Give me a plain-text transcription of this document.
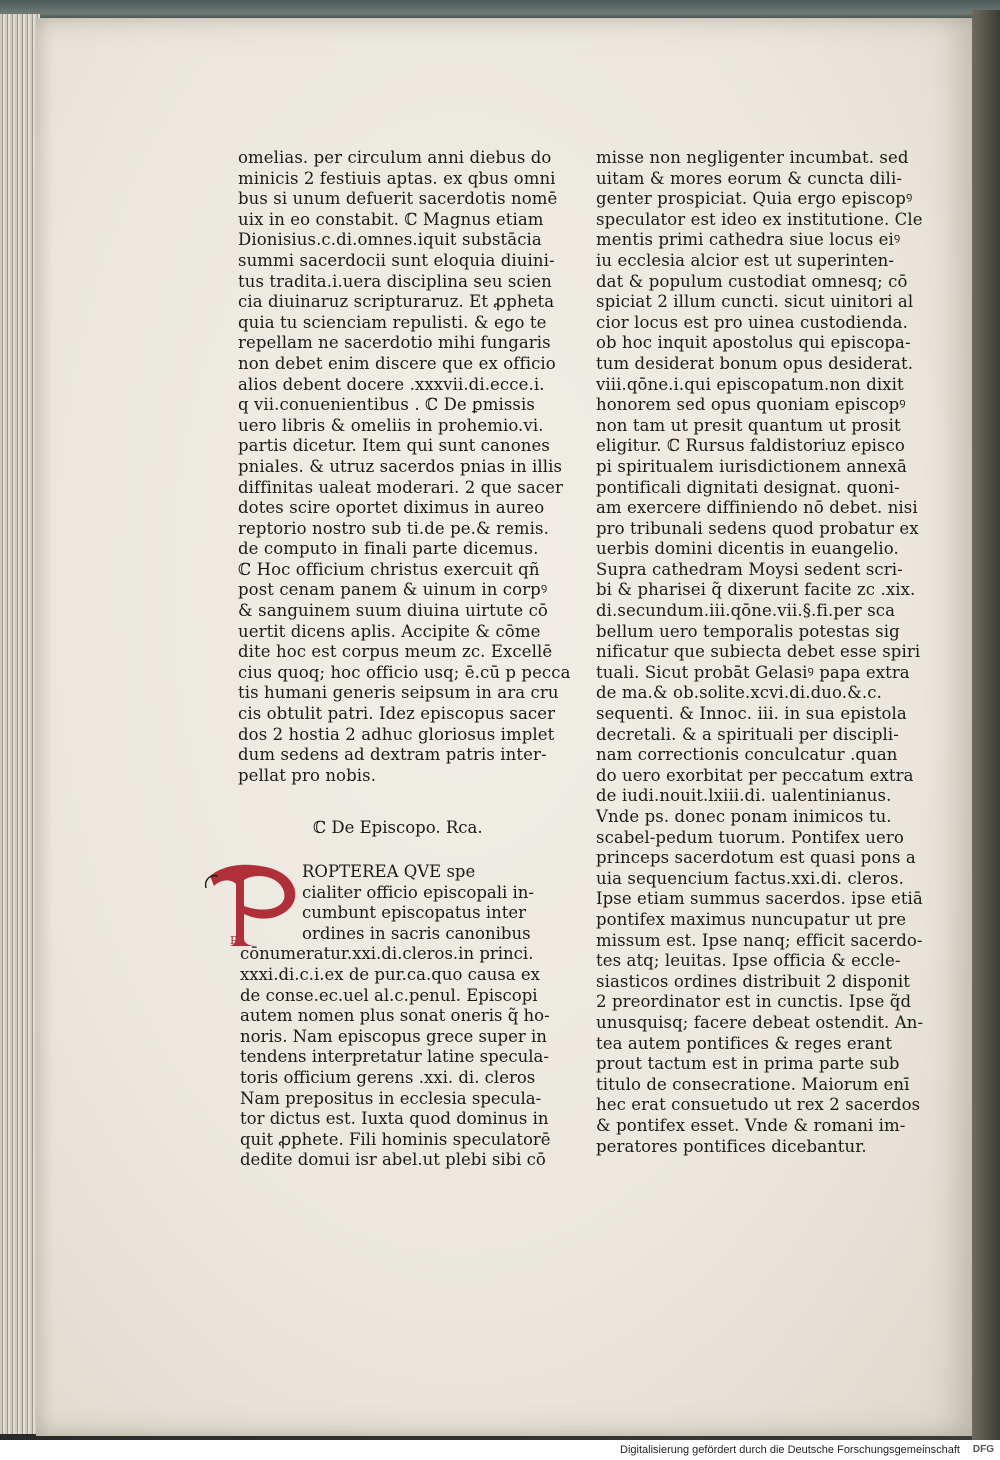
omelias. per circulum anni diebus do
minicis 2 festiuis aptas. ex qbus omni
bus si unum defuerit sacerdotis nomē
uix in eo constabit. ℂ Magnus etiam
Dionisius.c.di.omnes.iquit substācia
summi sacerdocii sunt eloquia diuini-
tus tradita.i.uera disciplina seu scien
cia diuinaruz scripturaruz. Et ꝓpheta
quia tu scienciam repulisti. & ego te
repellam ne sacerdotio mihi fungaris
non debet enim discere que ex officio
alios debent docere .xxxvii.di.ecce.i.
q vii.conuenientibus . ℂ De ꝑmissis
uero libris & omeliis in prohemio.vi.
partis dicetur. Item qui sunt canones
pniales. & utruz sacerdos pnias in illis
diffinitas ualeat moderari. 2 que sacer
dotes scire oportet diximus in aureo
reptorio nostro sub ti.de pe.& remis.
de computo in finali parte dicemus.
ℂ Hoc officium christus exercuit qñ
post cenam panem & uinum in corpꝰ
& sanguinem suum diuina uirtute cō
uertit dicens aplis. Accipite & cōme
dite hoc est corpus meum zc. Excellē
cius quoq; hoc officio usq; ē.cū p pecca
tis humani generis seipsum in ara cru
cis obtulit patri. Idez episcopus sacer
dos 2 hostia 2 adhuc gloriosus implet
dum sedens ad dextram patris inter-
pellat pro nobis.
ℂ De Episcopo. Rca.
P
ROPTEREA QVE spe
cialiter officio episcopali in-
cumbunt episcopatus inter
ordines in sacris canonibus
cōnumeratur.xxi.di.cleros.in princi.
xxxi.di.c.i.ex de pur.ca.quo causa ex
de conse.ec.uel al.c.penul. Episcopi
autem nomen plus sonat oneris q̃ ho-
noris. Nam episcopus grece super in
tendens interpretatur latine specula-
toris officium gerens .xxi. di. cleros
Nam prepositus in ecclesia specula-
tor dictus est. Iuxta quod dominus in
quit ꝓphete. Fili hominis speculatorē
dedite domui isr abel.ut plebi sibi cō
misse non negligenter incumbat. sed
uitam & mores eorum & cuncta dili-
genter prospiciat. Quia ergo episcopꝰ
speculator est ideo ex institutione. Cle
mentis primi cathedra siue locus eiꝰ
iu ecclesia alcior est ut superinten-
dat & populum custodiat omnesq; cō
spiciat 2 illum cuncti. sicut uinitori al
cior locus est pro uinea custodienda.
ob hoc inquit apostolus qui episcopa-
tum desiderat bonum opus desiderat.
viii.qōne.i.qui episcopatum.non dixit
honorem sed opus quoniam episcopꝰ
non tam ut presit quantum ut prosit
eligitur. ℂ Rursus faldistoriuz episco
pi spiritualem iurisdictionem annexā
pontificali dignitati designat. quoni-
am exercere diffiniendo nō debet. nisi
pro tribunali sedens quod probatur ex
uerbis domini dicentis in euangelio.
Supra cathedram Moysi sedent scri-
bi & pharisei q̃ dixerunt facite zc .xix.
di.secundum.iii.qōne.vii.§.fi.per sca
bellum uero temporalis potestas sig
nificatur que subiecta debet esse spiri
tuali. Sicut probāt Gelasiꝰ papa extra
de ma.& ob.solite.xcvi.di.duo.&.c.
sequenti. & Innoc. iii. in sua epistola
decretali. & a spirituali per discipli-
nam correctionis conculcatur .quan
do uero exorbitat per peccatum extra
de iudi.nouit.lxiii.di. ualentinianus.
Vnde ps. donec ponam inimicos tu.
scabel-pedum tuorum. Pontifex uero
princeps sacerdotum est quasi pons a
uia sequencium factus.xxi.di. cleros.
Ipse etiam summus sacerdos. ipse etiā
pontifex maximus nuncupatur ut pre
missum est. Ipse nanq; efficit sacerdo-
tes atq; leuitas. Ipse officia & eccle-
siasticos ordines distribuit 2 disponit
2 preordinator est in cunctis. Ipse q̃d
unusquisq; facere debeat ostendit. An-
tea autem pontifices & reges erant
prout tactum est in prima parte sub
titulo de consecratione. Maiorum enī
hec erat consuetudo ut rex 2 sacerdos
& pontifex esset. Vnde & romani im-
peratores pontifices dicebantur.
Digitalisierung gefördert durch die Deutsche Forschungsgemeinschaft DFG
